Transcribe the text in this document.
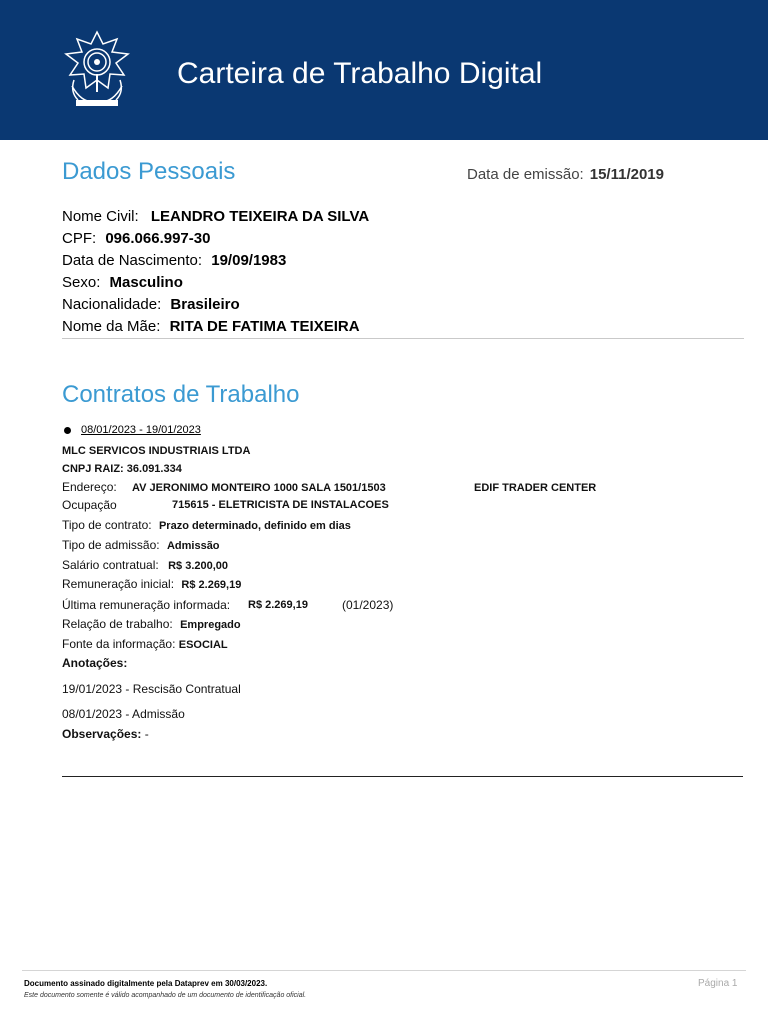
Carteira de Trabalho Digital
Dados Pessoais	Data de emissão: 15/11/2019
Nome Civil: LEANDRO TEIXEIRA DA SILVA
CPF: 096.066.997-30
Data de Nascimento: 19/09/1983
Sexo: Masculino
Nacionalidade: Brasileiro
Nome da Mãe: RITA DE FATIMA TEIXEIRA
Contratos de Trabalho
08/01/2023 - 19/01/2023
MLC SERVICOS INDUSTRIAIS LTDA
CNPJ RAIZ: 36.091.334
Endereço: AV JERONIMO MONTEIRO 1000 SALA 1501/1503	EDIF TRADER CENTER
Ocupação	715615 - ELETRICISTA DE INSTALACOES
Tipo de contrato: Prazo determinado, definido em dias
Tipo de admissão: Admissão
Salário contratual: R$ 3.200,00
Remuneração inicial: R$ 2.269,19
Última remuneração informada: R$ 2.269,19	(01/2023)
Relação de trabalho: Empregado
Fonte da informação: ESOCIAL
Anotações:
19/01/2023 - Rescisão Contratual
08/01/2023 - Admissão
Observações: -
Documento assinado digitalmente pela Dataprev em 30/03/2023.
Este documento somente é válido acompanhado de um documento de identificação oficial.
Página 1
